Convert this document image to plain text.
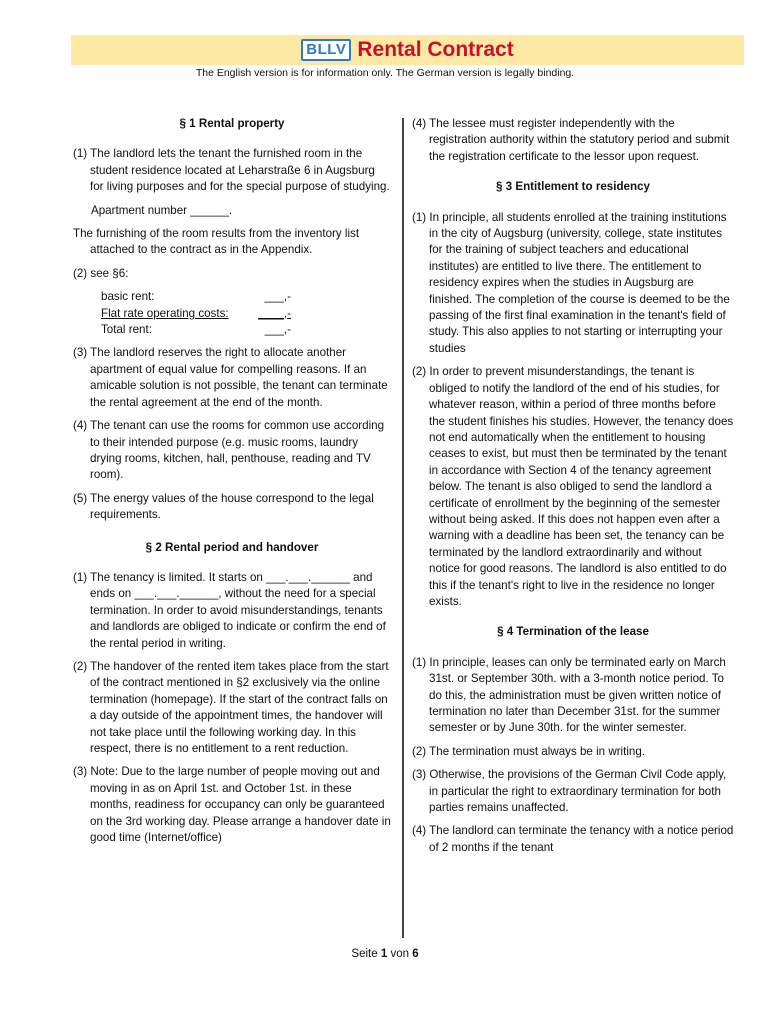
BLLV Rental Contract
The English version is for information only. The German version is legally binding.

§ 1 Rental property

(1) The landlord lets the tenant the furnished room in the student residence located at Leharstraße 6 in Augsburg for living purposes and for the special purpose of studying.

Apartment number ______.

The furnishing of the room results from the inventory list attached to the contract as in the Appendix.

(2) see §6:

basic rent:	___,-
Flat rate operating costs:	____,-
Total rent:	___,-

(3) The landlord reserves the right to allocate another apartment of equal value for compelling reasons. If an amicable solution is not possible, the tenant can terminate the rental agreement at the end of the month.

(4) The tenant can use the rooms for common use according to their intended purpose (e.g. music rooms, laundry drying rooms, kitchen, hall, penthouse, reading and TV room).

(5) The energy values of the house correspond to the legal requirements.

§ 2 Rental period and handover

(1) The tenancy is limited. It starts on ___.___.______ and ends on ___.___.______, without the need for a special termination. In order to avoid misunderstandings, tenants and landlords are obliged to indicate or confirm the end of the rental period in writing.

(2) The handover of the rented item takes place from the start of the contract mentioned in §2 exclusively via the online termination (homepage). If the start of the contract falls on a day outside of the appointment times, the handover will not take place until the following working day. In this respect, there is no entitlement to a rent reduction.

(3) Note: Due to the large number of people moving out and moving in as on April 1st. and October 1st. in these months, readiness for occupancy can only be guaranteed on the 3rd working day. Please arrange a handover date in good time (Internet/office)

(4) The lessee must register independently with the registration authority within the statutory period and submit the registration certificate to the lessor upon request.

§ 3 Entitlement to residency

(1) In principle, all students enrolled at the training institutions in the city of Augsburg (university, college, state institutes for the training of subject teachers and educational institutes) are entitled to live there. The entitlement to residency expires when the studies in Augsburg are finished. The completion of the course is deemed to be the passing of the first final examination in the tenant's field of study. This also applies to not starting or interrupting your studies

(2) In order to prevent misunderstandings, the tenant is obliged to notify the landlord of the end of his studies, for whatever reason, within a period of three months before the student finishes his studies. However, the tenancy does not end automatically when the entitlement to housing ceases to exist, but must then be terminated by the tenant in accordance with Section 4 of the tenancy agreement below. The tenant is also obliged to send the landlord a certificate of enrollment by the beginning of the semester without being asked. If this does not happen even after a warning with a deadline has been set, the tenancy can be terminated by the landlord extraordinarily and without notice for good reasons. The landlord is also entitled to do this if the tenant's right to live in the residence no longer exists.

§ 4 Termination of the lease

(1) In principle, leases can only be terminated early on March 31st. or September 30th. with a 3-month notice period. To do this, the administration must be given written notice of termination no later than December 31st. for the summer semester or by June 30th. for the winter semester.

(2) The termination must always be in writing.

(3) Otherwise, the provisions of the German Civil Code apply, in particular the right to extraordinary termination for both parties remains unaffected.

(4) The landlord can terminate the tenancy with a notice period of 2 months if the tenant

Seite 1 von 6
